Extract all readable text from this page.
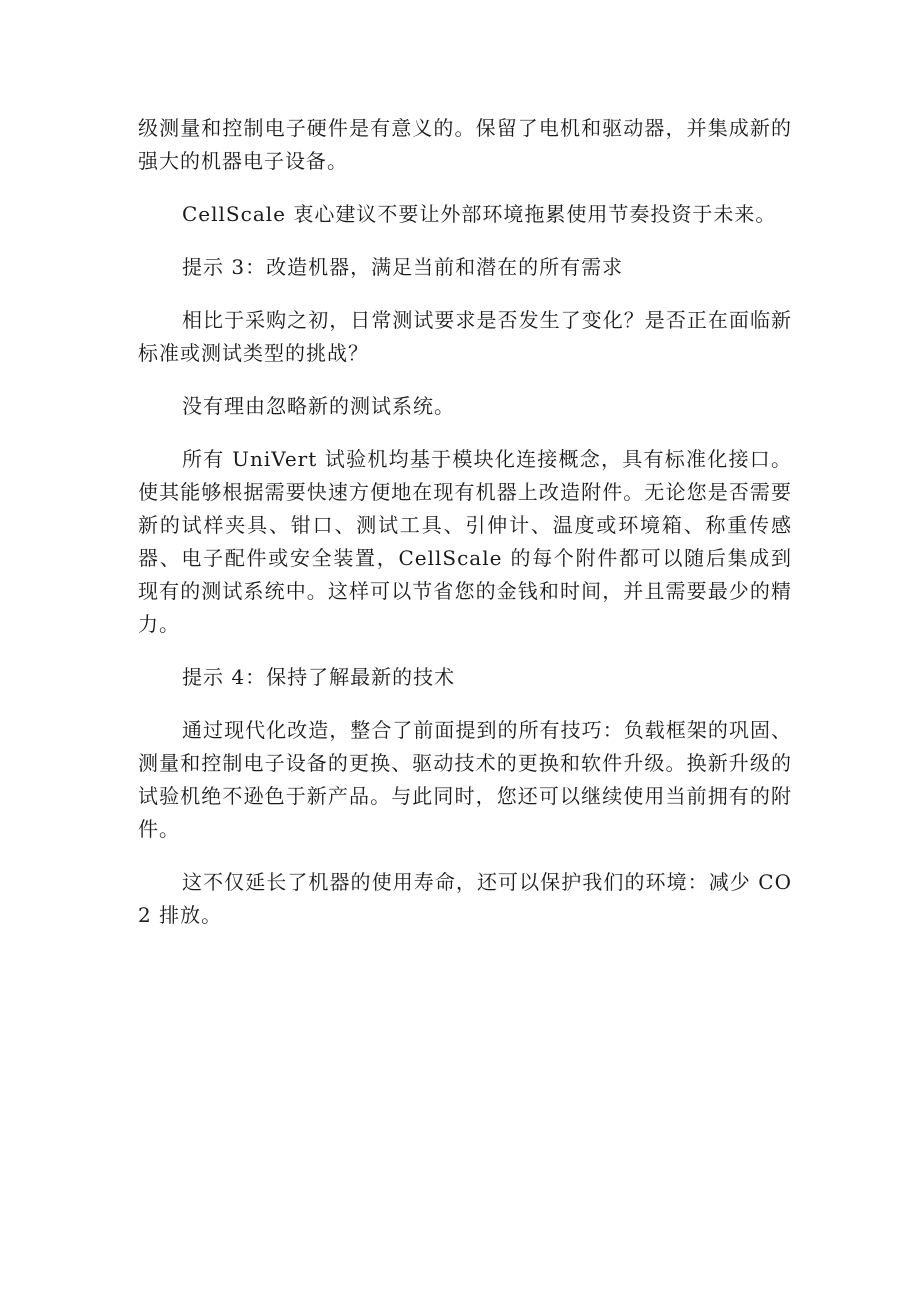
级测量和控制电子硬件是有意义的。保留了电机和驱动器，并集成新的强大的机器电子设备。

CellScale 衷心建议不要让外部环境拖累使用节奏投资于未来。

提示 3：改造机器，满足当前和潜在的所有需求

相比于采购之初，日常测试要求是否发生了变化？是否正在面临新标准或测试类型的挑战？

没有理由忽略新的测试系统。

所有 UniVert 试验机均基于模块化连接概念，具有标准化接口。使其能够根据需要快速方便地在现有机器上改造附件。无论您是否需要新的试样夹具、钳口、测试工具、引伸计、温度或环境箱、称重传感器、电子配件或安全装置，CellScale 的每个附件都可以随后集成到现有的测试系统中。这样可以节省您的金钱和时间，并且需要最少的精力。

提示 4：保持了解最新的技术

通过现代化改造，整合了前面提到的所有技巧：负载框架的巩固、测量和控制电子设备的更换、驱动技术的更换和软件升级。换新升级的试验机绝不逊色于新产品。与此同时，您还可以继续使用当前拥有的附件。

这不仅延长了机器的使用寿命，还可以保护我们的环境：减少 CO2 排放。
